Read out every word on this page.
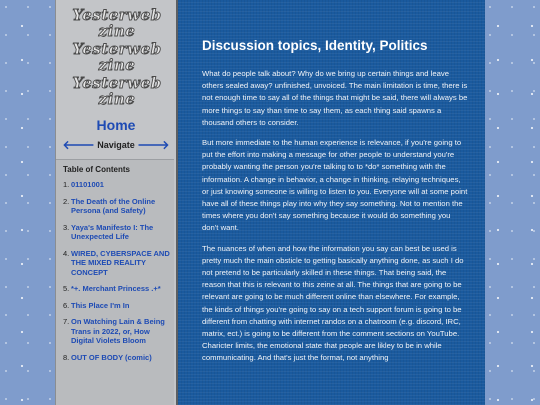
Yesterweb
zine
Yesterweb
zine
Yesterweb
zine
Home
🡐 Navigate 🡒
Table of Contents
1. 01101001
2. The Death of the Online Persona (and Safety)
3. Yaya's Manifesto I: The Unexpected Life
4. WIRED, CYBERSPACE AND THE MIXED REALITY CONCEPT
5. *+. Merchant Princess .+*
6. This Place I'm In
7. On Watching Lain & Being Trans in 2022, or, How Digital Violets Bloom
8. OUT OF BODY (comic)
Discussion topics, Identity, Politics

What do people talk about? Why do we bring up certain things and leave others sealed away? unfinished, unvoiced. The main limitation is time, there is not enough time to say all of the things that might be said, there will always be more things to say than time to say them, as each thing said spawns a thousand others to consider.

But more immediate to the human experience is relevance, if you're going to put the effort into making a message for other people to understand you're probably wanting the person you're talking to to *do* something with the information. A change in behavior, a change in thinking, relaying techniques, or just knowing someone is willing to listen to you. Everyone will at some point have all of these things play into why they say something. Not to mention the times where you don't say something because it would do something you don't want.

The nuances of when and how the information you say can best be used is pretty much the main obsticle to getting basically anything done, as such I do not pretend to be particularly skilled in these things. That being said, the reason that this is relevant to this zeine at all. The things that are going to be relevant are going to be much different online than elsewhere. For example, the kinds of things you're going to say on a tech support forum is going to be different from chatting with internet randos on a chatroom (e.g. discord, IRC, matrix, ect.) is going to be different from the comment sections on YouTube. Charicter limits, the emotional state that people are likley to be in while communicating. And that's just the format, not anything
